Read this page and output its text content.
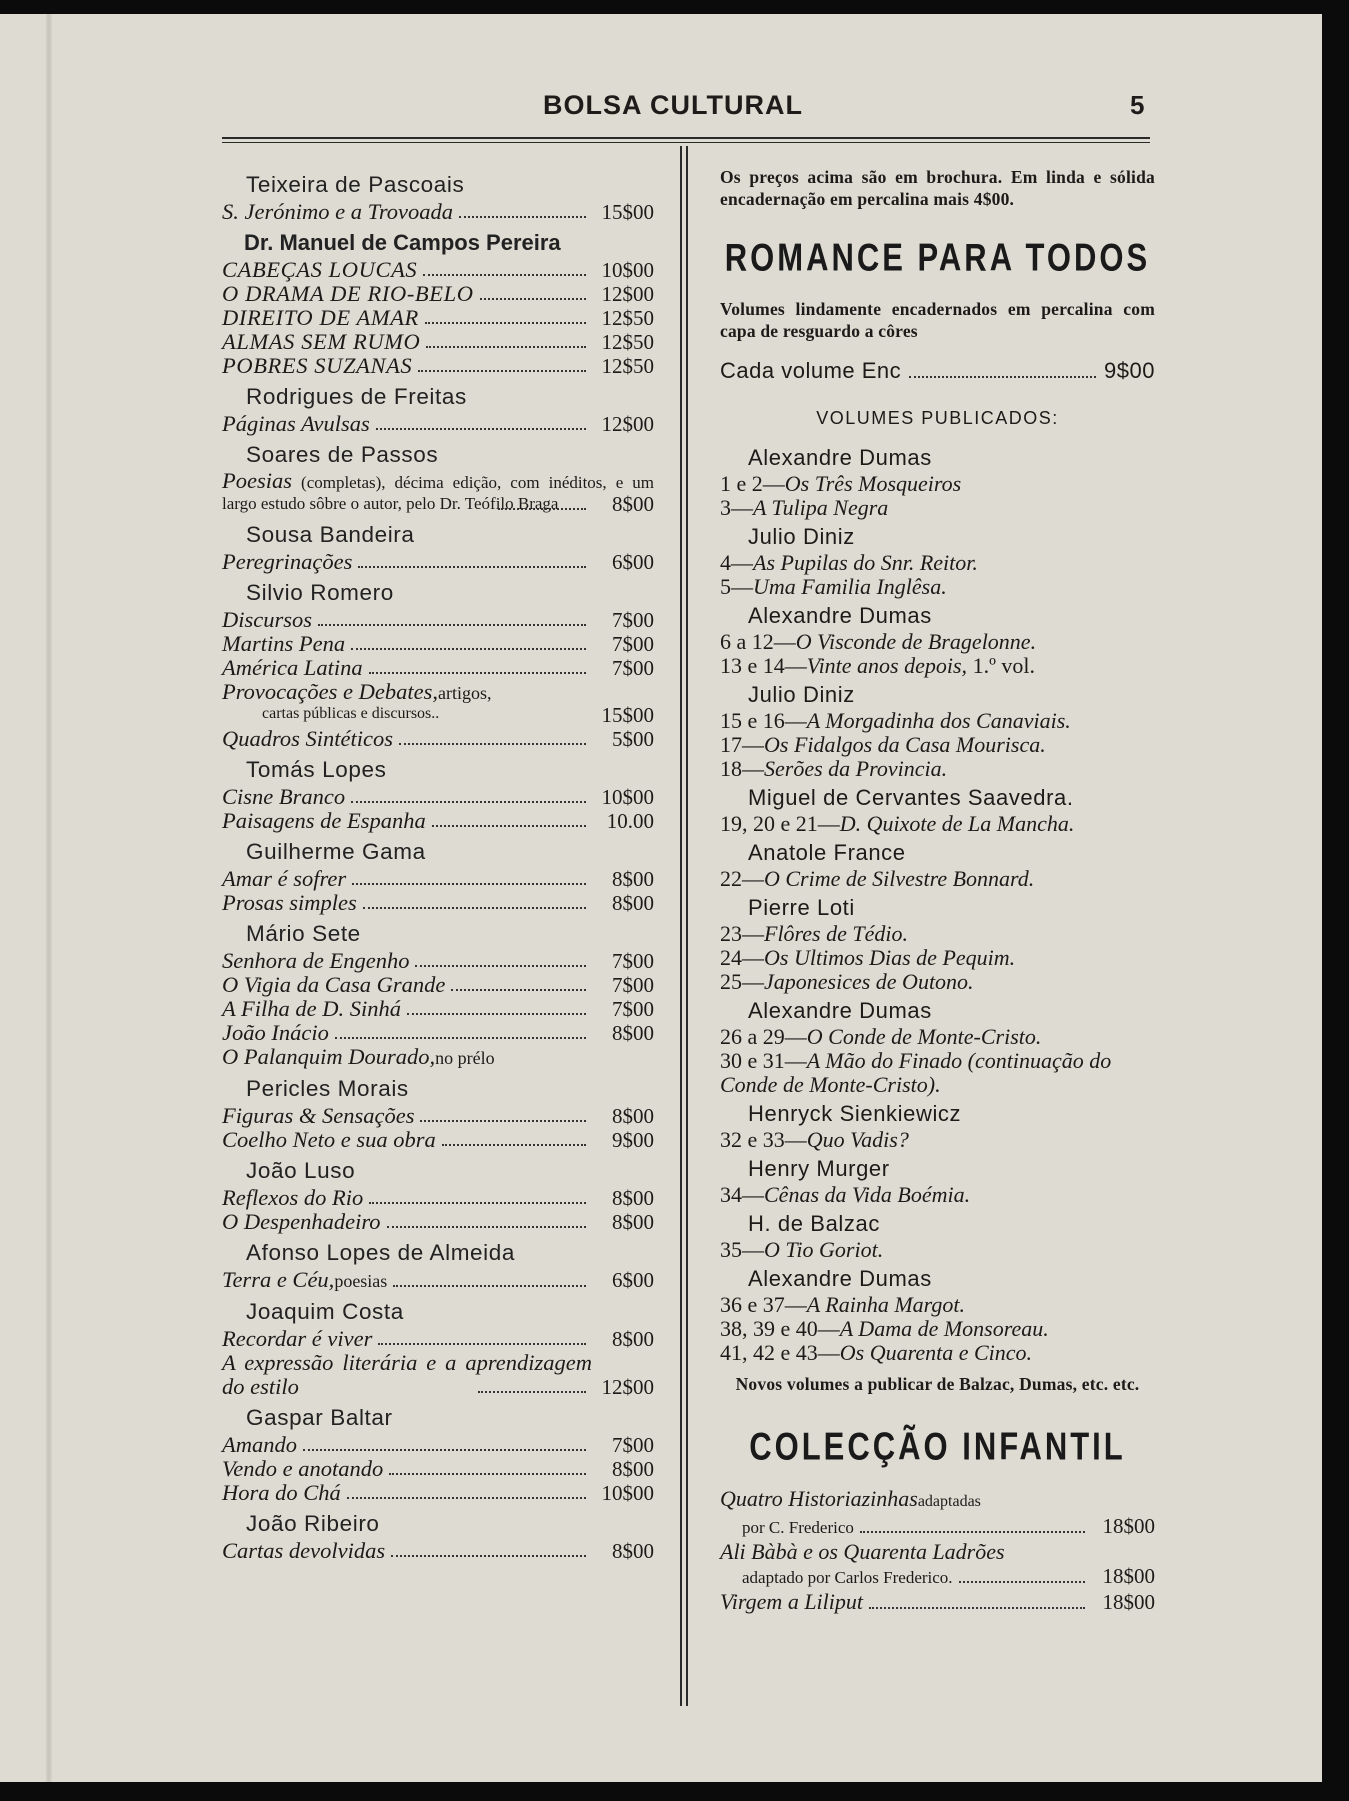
BOLSA CULTURAL	5
Teixeira de Pascoais
S. Jerónimo e a Trovoada	15$00
Dr. Manuel de Campos Pereira
CABEÇAS LOUCAS	10$00
O DRAMA DE RIO-BELO	12$00
DIREITO DE AMAR	12$50
ALMAS SEM RUMO	12$50
POBRES SUZANAS	12$50
Rodrigues de Freitas
Páginas Avulsas	12$00
Soares de Passos
Poesias (completas), décima edição, com inéditos, e um largo estudo sôbre o autor, pelo Dr. Teófilo Braga	8$00
Sousa Bandeira
Peregrinações	6$00
Silvio Romero
Discursos	7$00
Martins Pena	7$00
América Latina	7$00
Provocações e Debates, artigos,
cartas públicas e discursos..	15$00
Quadros Sintéticos	5$00
Tomás Lopes
Cisne Branco	10$00
Paisagens de Espanha	10.00
Guilherme Gama
Amar é sofrer	8$00
Prosas simples	8$00
Mário Sete
Senhora de Engenho	7$00
O Vigia da Casa Grande	7$00
A Filha de D. Sinhá	7$00
João Inácio	8$00
O Palanquim Dourado, no prélo
Pericles Morais
Figuras & Sensações	8$00
Coelho Neto e sua obra	9$00
João Luso
Reflexos do Rio	8$00
O Despenhadeiro	8$00
Afonso Lopes de Almeida
Terra e Céu, poesias	6$00
Joaquim Costa
Recordar é viver	8$00
A expressão literária e a aprendizagem do estilo	12$00
Gaspar Baltar
Amando	7$00
Vendo e anotando	8$00
Hora do Chá	10$00
João Ribeiro
Cartas devolvidas	8$00
Os preços acima são em brochura. Em linda e sólida encadernação em percalina mais 4$00.
ROMANCE PARA TODOS
Volumes lindamente encadernados em percalina com capa de resguardo a côres
Cada volume Enc	9$00
VOLUMES PUBLICADOS:
Alexandre Dumas
1 e 2—Os Três Mosqueiros
3—A Tulipa Negra
Julio Diniz
4—As Pupilas do Snr. Reitor.
5—Uma Familia Inglêsa.
Alexandre Dumas
6 a 12—O Visconde de Bragelonne.
13 e 14—Vinte anos depois, 1.º vol.
Julio Diniz
15 e 16—A Morgadinha dos Canaviais.
17—Os Fidalgos da Casa Mourisca.
18—Serões da Provincia.
Miguel de Cervantes Saavedra.
19, 20 e 21—D. Quixote de La Mancha.
Anatole France
22—O Crime de Silvestre Bonnard.
Pierre Loti
23—Flôres de Tédio.
24—Os Ultimos Dias de Pequim.
25—Japonesices de Outono.
Alexandre Dumas
26 a 29—O Conde de Monte-Cristo.
30 e 31—A Mão do Finado (continuação do Conde de Monte-Cristo).
Henryck Sienkiewicz
32 e 33—Quo Vadis?
Henry Murger
34—Cênas da Vida Boémia.
H. de Balzac
35—O Tio Goriot.
Alexandre Dumas
36 e 37—A Rainha Margot.
38, 39 e 40—A Dama de Monsoreau.
41, 42 e 43—Os Quarenta e Cinco.
Novos volumes a publicar de Balzac, Dumas, etc. etc.
COLECÇÃO INFANTIL
Quatro Historiazinhas adaptadas
por C. Frederico	18$00
Ali Bàbà e os Quarenta Ladrões
adaptado por Carlos Frederico.	18$00
Virgem a Liliput	18$00
